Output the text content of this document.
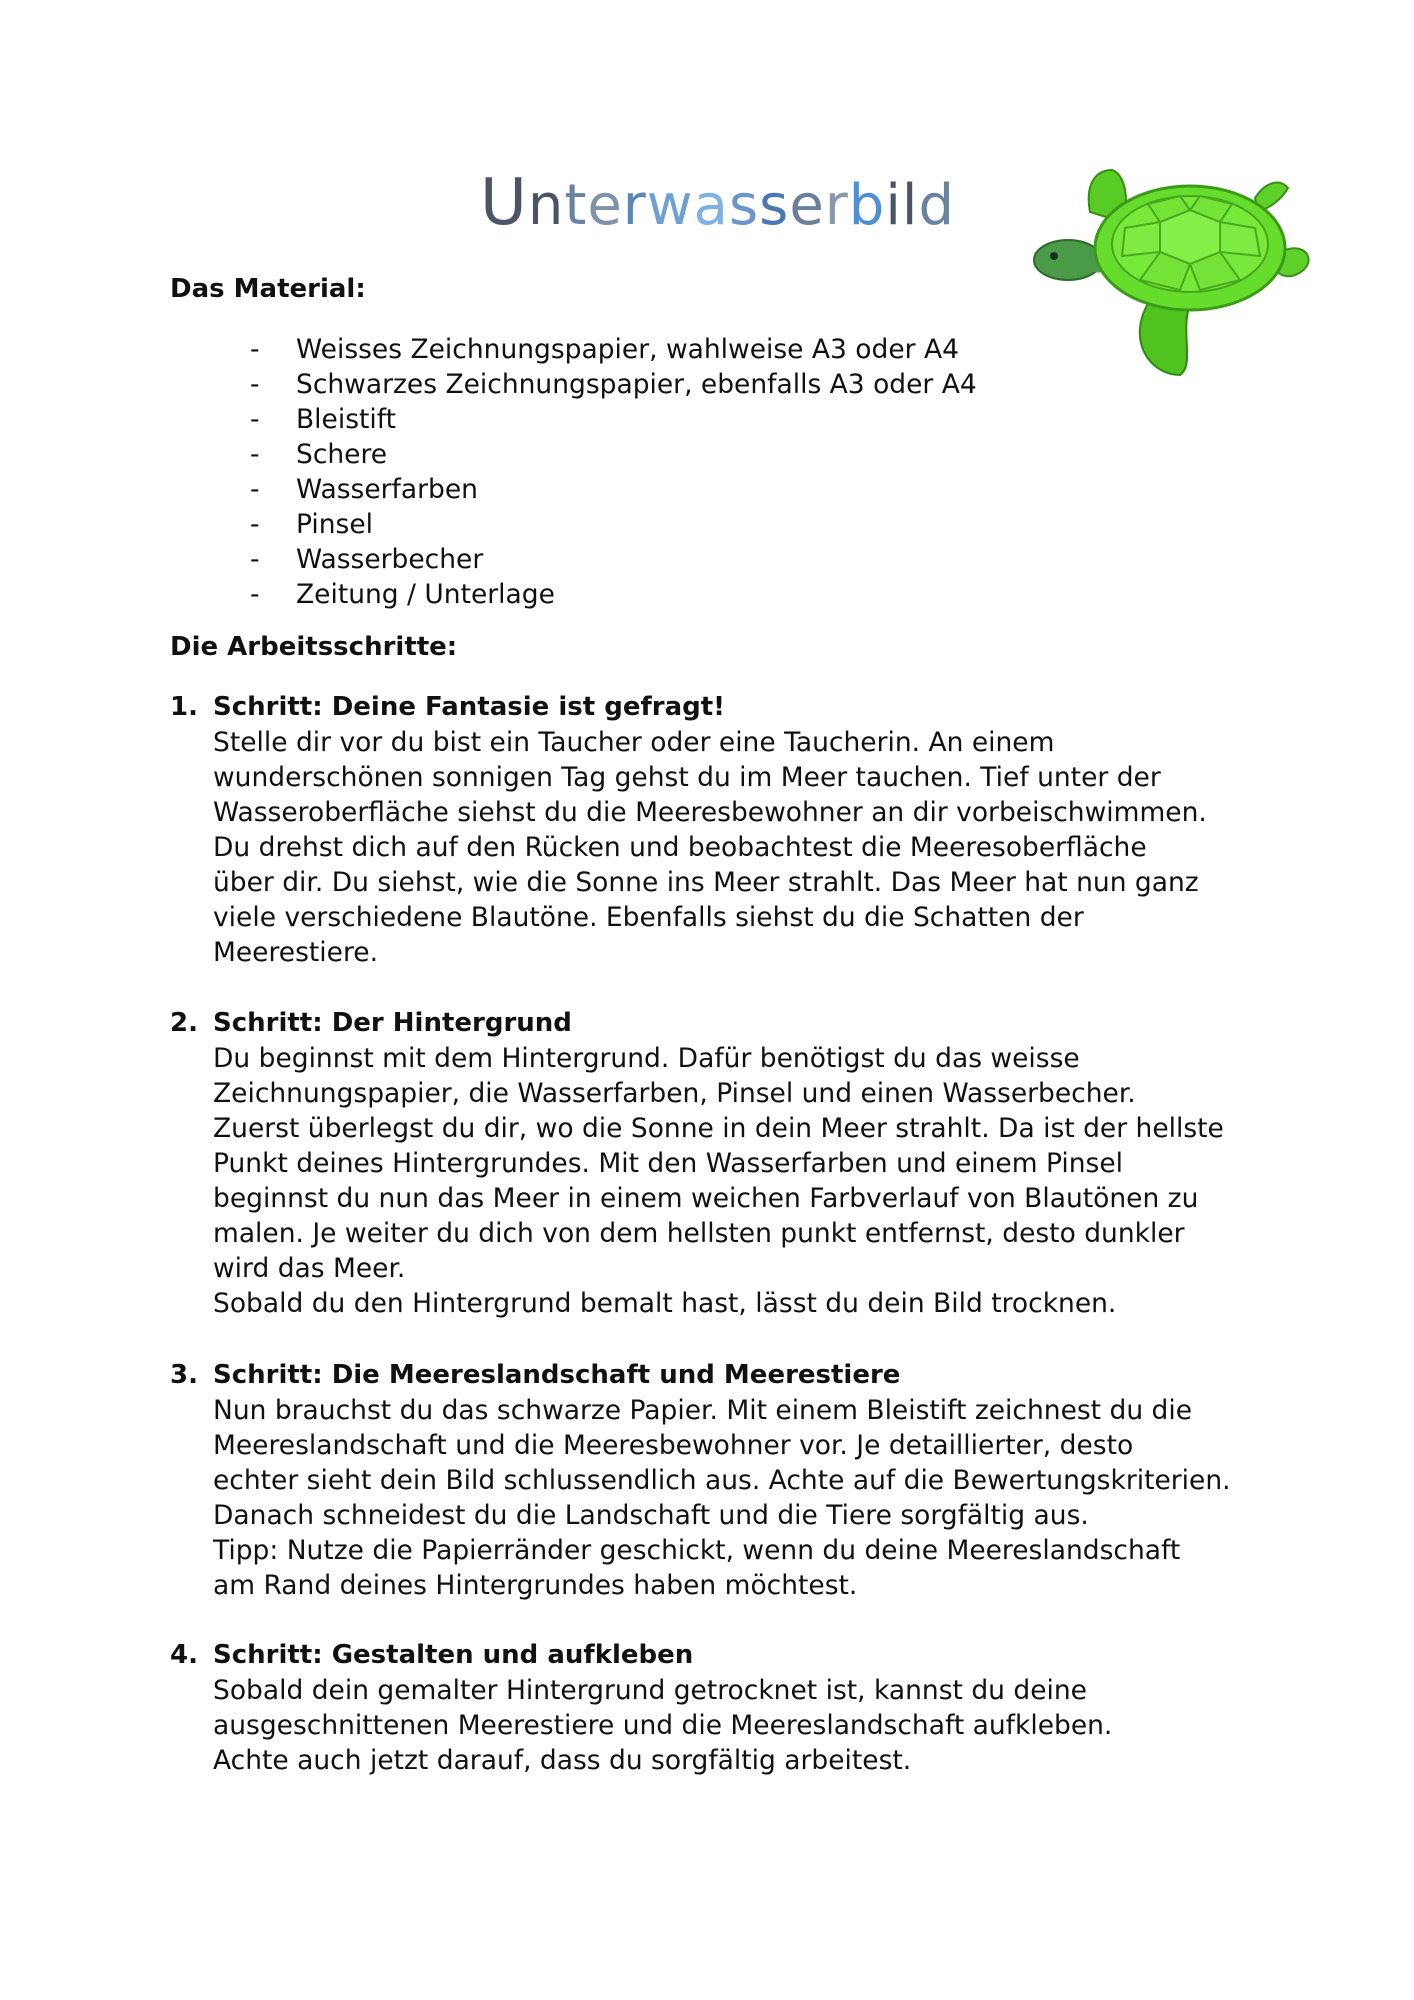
Unterwasserbild
Das Material:
- Weisses Zeichnungspapier, wahlweise A3 oder A4
- Schwarzes Zeichnungspapier, ebenfalls A3 oder A4
- Bleistift
- Schere
- Wasserfarben
- Pinsel
- Wasserbecher
- Zeitung / Unterlage
Die Arbeitsschritte:
1. Schritt: Deine Fantasie ist gefragt!
Stelle dir vor du bist ein Taucher oder eine Taucherin. An einem
wunderschönen sonnigen Tag gehst du im Meer tauchen. Tief unter der
Wasseroberfläche siehst du die Meeresbewohner an dir vorbeischwimmen.
Du drehst dich auf den Rücken und beobachtest die Meeresoberfläche
über dir. Du siehst, wie die Sonne ins Meer strahlt. Das Meer hat nun ganz
viele verschiedene Blautöne. Ebenfalls siehst du die Schatten der
Meerestiere.
2. Schritt: Der Hintergrund
Du beginnst mit dem Hintergrund. Dafür benötigst du das weisse
Zeichnungspapier, die Wasserfarben, Pinsel und einen Wasserbecher.
Zuerst überlegst du dir, wo die Sonne in dein Meer strahlt. Da ist der hellste
Punkt deines Hintergrundes. Mit den Wasserfarben und einem Pinsel
beginnst du nun das Meer in einem weichen Farbverlauf von Blautönen zu
malen. Je weiter du dich von dem hellsten punkt entfernst, desto dunkler
wird das Meer.
Sobald du den Hintergrund bemalt hast, lässt du dein Bild trocknen.
3. Schritt: Die Meereslandschaft und Meerestiere
Nun brauchst du das schwarze Papier. Mit einem Bleistift zeichnest du die
Meereslandschaft und die Meeresbewohner vor. Je detaillierter, desto
echter sieht dein Bild schlussendlich aus. Achte auf die Bewertungskriterien.
Danach schneidest du die Landschaft und die Tiere sorgfältig aus.
Tipp: Nutze die Papierränder geschickt, wenn du deine Meereslandschaft
am Rand deines Hintergrundes haben möchtest.
4. Schritt: Gestalten und aufkleben
Sobald dein gemalter Hintergrund getrocknet ist, kannst du deine
ausgeschnittenen Meerestiere und die Meereslandschaft aufkleben.
Achte auch jetzt darauf, dass du sorgfältig arbeitest.
